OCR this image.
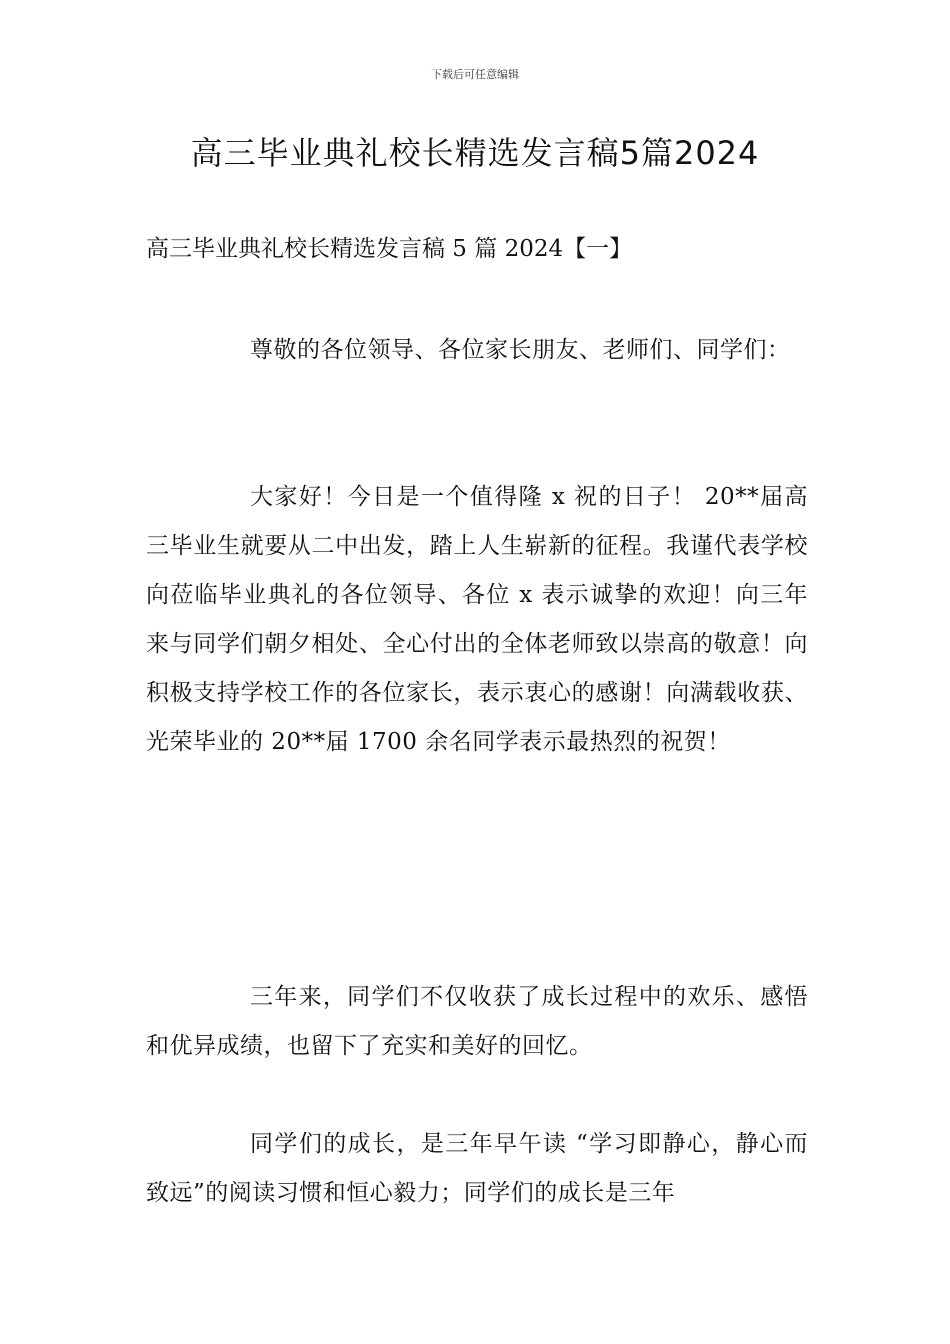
下载后可任意编辑
高三毕业典礼校长精选发言稿5篇2024
高三毕业典礼校长精选发言稿 5 篇 2024【一】

尊敬的各位领导、各位家长朋友、老师们、同学们：

大家好！今日是一个值得隆 x 祝的日子！ 20**届高三毕业生就要从二中出发，踏上人生崭新的征程。我谨代表学校向莅临毕业典礼的各位领导、各位 x 表示诚挚的欢迎！向三年来与同学们朝夕相处、全心付出的全体老师致以崇高的敬意！向积极支持学校工作的各位家长，表示衷心的感谢！向满载收获、光荣毕业的 20**届 1700 余名同学表示最热烈的祝贺！

三年来，同学们不仅收获了成长过程中的欢乐、感悟和优异成绩，也留下了充实和美好的回忆。

同学们的成长，是三年早午读 “学习即静心，静心而致远”的阅读习惯和恒心毅力；同学们的成长是三年
